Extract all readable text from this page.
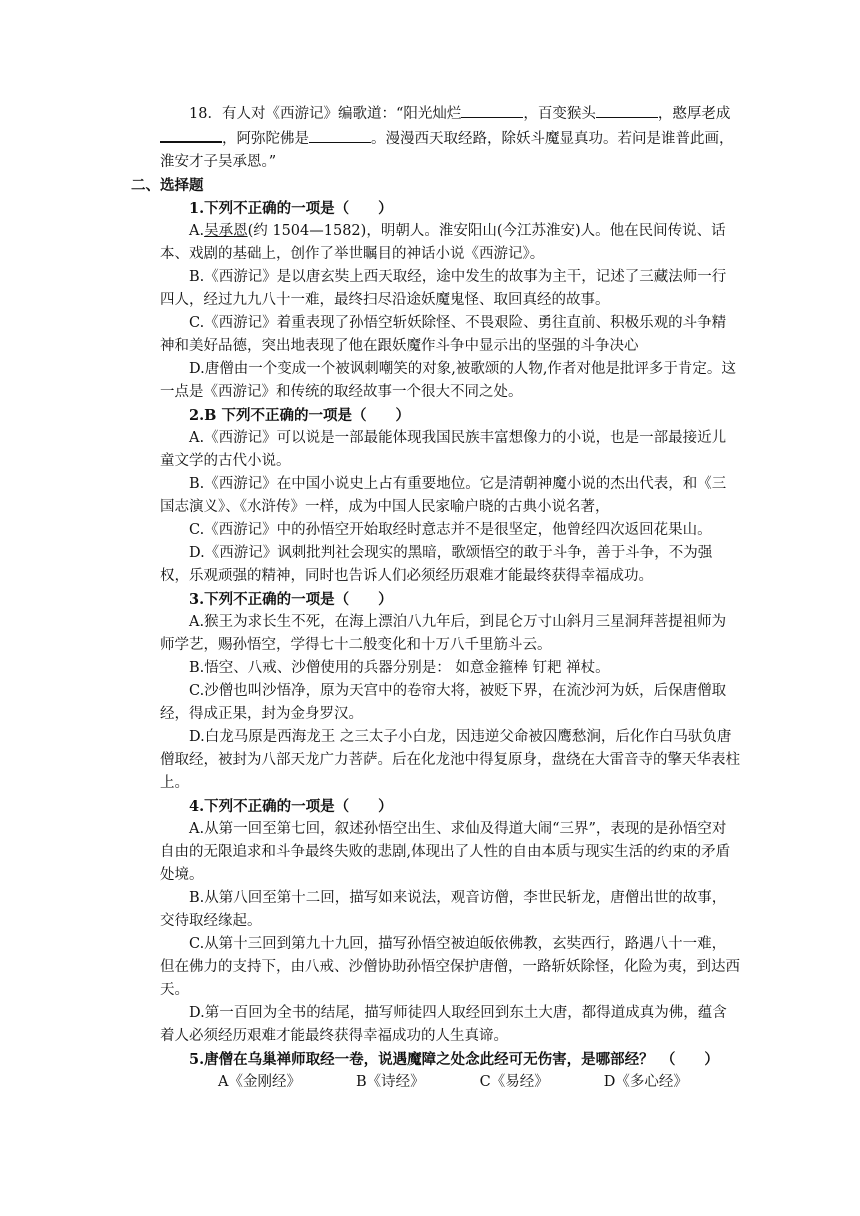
18．有人对《西游记》编歌道：“阳光灿烂	，百变猴头	，憨厚老成，阿弥陀佛是	。漫漫西天取经路，除妖斗魔显真功。若问是谁普此画，淮安才子吴承恩。”

二、选择题

1.下列不正确的一项是（　　）

A.吴承恩(约 1504—1582)，明朝人。淮安阳山(今江苏淮安)人。他在民间传说、话本、戏剧的基础上，创作了举世瞩目的神话小说《西游记》。

B.《西游记》是以唐玄奘上西天取经，途中发生的故事为主干，记述了三藏法师一行四人，经过九九八十一难，最终扫尽沿途妖魔鬼怪、取回真经的故事。

C.《西游记》着重表现了孙悟空斩妖除怪、不畏艰险、勇往直前、积极乐观的斗争精神和美好品德，突出地表现了他在跟妖魔作斗争中显示出的坚强的斗争决心

D.唐僧由一个变成一个被讽刺嘲笑的对象,被歌颂的人物,作者对他是批评多于肯定。这一点是《西游记》和传统的取经故事一个很大不同之处。

2.B 下列不正确的一项是（　　）

A.《西游记》可以说是一部最能体现我国民族丰富想像力的小说，也是一部最接近儿童文学的古代小说。

B.《西游记》在中国小说史上占有重要地位。它是清朝神魔小说的杰出代表，和《三国志演义》、《水浒传》一样，成为中国人民家喻户晓的古典小说名著，

C.《西游记》中的孙悟空开始取经时意志并不是很坚定，他曾经四次返回花果山。

D.《西游记》讽刺批判社会现实的黑暗，歌颂悟空的敢于斗争，善于斗争，不为强权，乐观顽强的精神，同时也告诉人们必须经历艰难才能最终获得幸福成功。

3.下列不正确的一项是（　　）

A.猴王为求长生不死，在海上漂泊八九年后，到昆仑万寸山斜月三星洞拜菩提祖师为师学艺，赐孙悟空，学得七十二般变化和十万八千里筋斗云。

B.悟空、八戒、沙僧使用的兵器分别是： 如意金箍棒 钉耙 禅杖。

C.沙僧也叫沙悟净，原为天宫中的卷帘大将，被贬下界，在流沙河为妖，后保唐僧取经，得成正果，封为金身罗汉。

D.白龙马原是西海龙王 之三太子小白龙，因违逆父命被囚鹰愁涧，后化作白马驮负唐僧取经，被封为八部天龙广力菩萨。后在化龙池中得复原身，盘绕在大雷音寺的擎天华表柱上。

4.下列不正确的一项是（　　）

A.从第一回至第七回，叙述孙悟空出生、求仙及得道大闹“三界”，表现的是孙悟空对自由的无限追求和斗争最终失败的悲剧,体现出了人性的自由本质与现实生活的约束的矛盾处境。

B.从第八回至第十二回，描写如来说法，观音访僧，李世民斩龙，唐僧出世的故事，交待取经缘起。

C.从第十三回到第九十九回，描写孙悟空被迫皈依佛教，玄奘西行，路遇八十一难，但在佛力的支持下，由八戒、沙僧协助孙悟空保护唐僧，一路斩妖除怪，化险为夷，到达西天。

D.第一百回为全书的结尾，描写师徒四人取经回到东土大唐，都得道成真为佛，蕴含着人必须经历艰难才能最终获得幸福成功的人生真谛。

5.唐僧在乌巢禅师取经一卷，说遇魔障之处念此经可无伤害，是哪部经？　（　　）

A《金刚经》	B《诗经》	C《易经》	D《多心经》
